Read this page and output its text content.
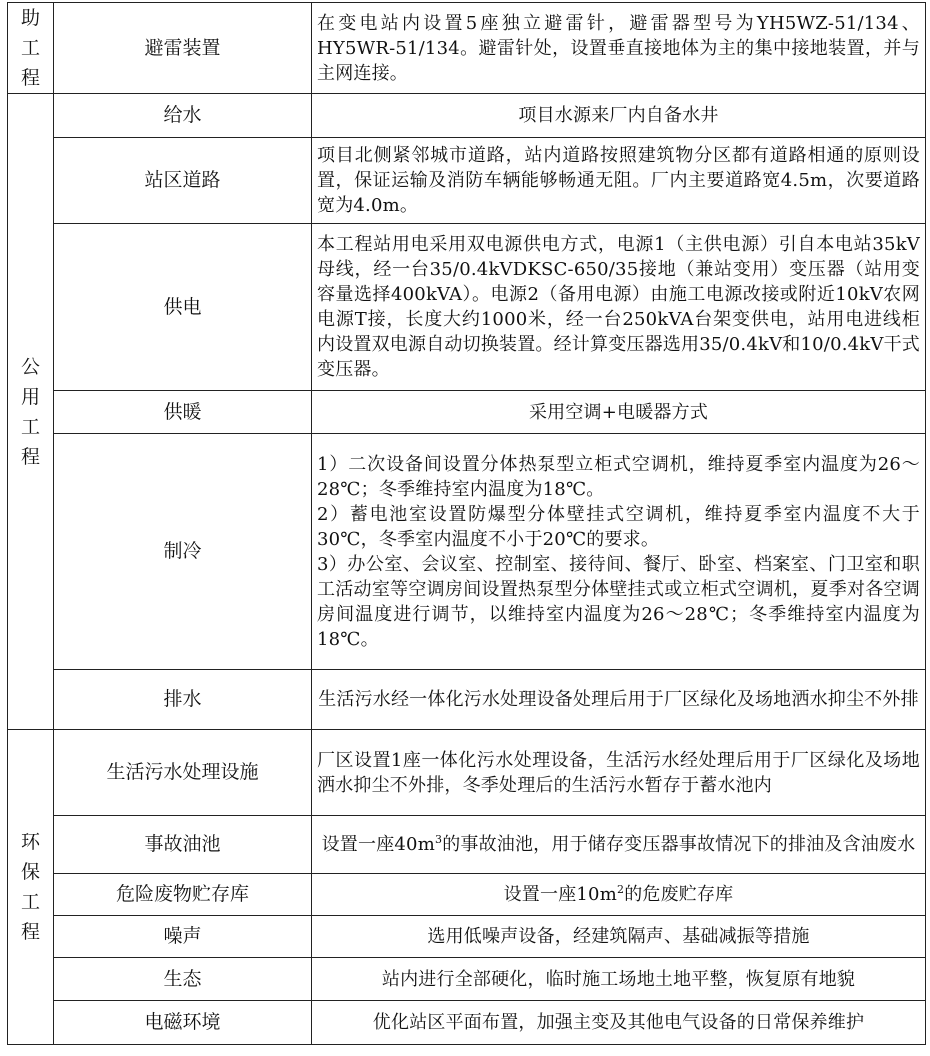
助
工
程	避雷装置	在变电站内设置5座独立避雷针，避雷器型号为YH5WZ-51/134、HY5WR-51/134。避雷针处，设置垂直接地体为主的集中接地装置，并与主网连接。

公
用
工
程	给水	项目水源来厂内自备水井

	站区道路	项目北侧紧邻城市道路，站内道路按照建筑物分区都有道路相通的原则设置，保证运输及消防车辆能够畅通无阻。厂内主要道路宽4.5m，次要道路宽为4.0m。

	供电	本工程站用电采用双电源供电方式，电源1（主供电源）引自本电站35kV母线，经一台35/0.4kVDKSC-650/35接地（兼站变用）变压器（站用变容量选择400kVA）。电源2（备用电源）由施工电源改接或附近10kV农网电源T接，长度大约1000米，经一台250kVA台架变供电，站用电进线柜内设置双电源自动切换装置。经计算变压器选用35/0.4kV和10/0.4kV干式变压器。

	供暖	采用空调+电暖器方式

	制冷	1）二次设备间设置分体热泵型立柜式空调机，维持夏季室内温度为26～28℃；冬季维持室内温度为18℃。

2）蓄电池室设置防爆型分体壁挂式空调机，维持夏季室内温度不大于30℃，冬季室内温度不小于20℃的要求。

3）办公室、会议室、控制室、接待间、餐厅、卧室、档案室、门卫室和职工活动室等空调房间设置热泵型分体壁挂式或立柜式空调机，夏季对各空调房间温度进行调节，以维持室内温度为26～28℃；冬季维持室内温度为18℃。

	排水	生活污水经一体化污水处理设备处理后用于厂区绿化及场地洒水抑尘不外排

环
保
工
程	生活污水处理设施	厂区设置1座一体化污水处理设备，生活污水经处理后用于厂区绿化及场地洒水抑尘不外排，冬季处理后的生活污水暂存于蓄水池内

	事故油池	设置一座$40m^3$的事故油池，用于储存变压器事故情况下的排油及含油废水

	危险废物贮存库	设置一座$10m^2$的危废贮存库

	噪声	选用低噪声设备，经建筑隔声、基础减振等措施

	生态	站内进行全部硬化，临时施工场地土地平整，恢复原有地貌

	电磁环境	优化站区平面布置，加强主变及其他电气设备的日常保养维护
